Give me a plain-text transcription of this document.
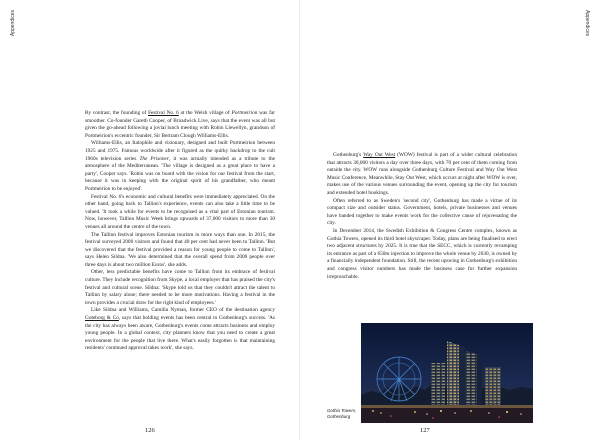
Appendices

By contrast, the founding of Festival No. 6 at the Welsh village of Portmeirion was far smoother. Co-founder Gareth Cooper, of Broadwick Live, says that the event was all but given the go-ahead following a jovial lunch meeting with Robin Llewellyn, grandson of Portmeirion's eccentric founder, Sir Bertram Clough Williams-Ellis.

Williams-Ellis, an Italophile and visionary, designed and built Portmeirion between 1925 and 1975. Famous worldwide after it figured as the quirky backdrop to the cult 1960s television series The Prisoner, it was actually intended as a tribute to the atmosphere of the Mediterranean. 'The village is designed as a great place to have a party', Cooper says. 'Robin was on board with the vision for our festival from the start, because it was in keeping with the original spirit of his grandfather, who meant Portmeirion to be enjoyed'.

Festival No. 6's economic and cultural benefits were immediately appreciated. On the other hand, going back to Tallinn's experience, events can also take a little time to be valued. 'It took a while for events to be recognised as a vital part of Estonian tourism. Now, however, Tallinn Music Week brings upwards of 37,000 visitors to more than 30 venues all around the centre of the town.

The Tallinn festival improves Estonian tourism in more ways than one. In 2015, the festival surveyed 2000 visitors and found that 40 per cent had never been to Tallinn. 'But we discovered that the festival provided a reason for young people to come to Tallinn', says Helen Sildna. 'We also determined that the overall spend from 2000 people over three days is about two million Euros', she adds.

Other, less predictable benefits have come to Tallinn from its embrace of festival culture. They include recognition from Skype, a local employer that has praised the city's festival and cultural scene. Sildna: 'Skype told us that they couldn't attract the talent to Tallinn by salary alone; there needed to be more motivations. Having a festival in the town provides a crucial draw for the right kind of employees.'

Like Sildna and Williams, Camilla Nyman, former CEO of the destination agency Goteborg & Co, says that holding events has been central to Gothenburg's success. 'As the city has always been aware, Gothenburg's events come attracts business and employ young people. In a global context, city planners know that you need to create a great environment for the people that live there. What's easily forgotten is that maintaining residents' continued approval takes work', she says.

126
Appendices

Gothenburg's Way Out West (WOW) festival is part of a wider cultural celebration that attracts 30,000 visitors a day over three days, with 70 per cent of them coming from outside the city. WOW runs alongside Gothenburg Culture Festival and Way Out West Music Conference, Meanwhile, Stay Out West, which occurs at night after WOW is over, makes use of the various venues surrounding the event, opening up the city for tourism and extended hotel bookings.

Often referred to as Sweden's 'second city', Gothenburg has made a virtue of its compact size and outsider status. Government, hotels, private businesses and venues have banded together to make events work for the collective cause of rejuvenating the city.

In December 2014, the Swedish Exhibition & Congress Centre complex, known as Gothia Towers, opened its third hotel skyscraper. Today, plans are being finalised to erect two adjacent structures by 2025. It is true that the SECC, which is currently revamping its entrance as part of a 650m injection to improve the whole venue by 2030, is owned by a financially independent foundation. Still, the recent upswing in Gothenburg's exhibition and congress visitor numbers has made the business case for further expansion irreproachable.

Gothia Towers, Gothenburg
127
